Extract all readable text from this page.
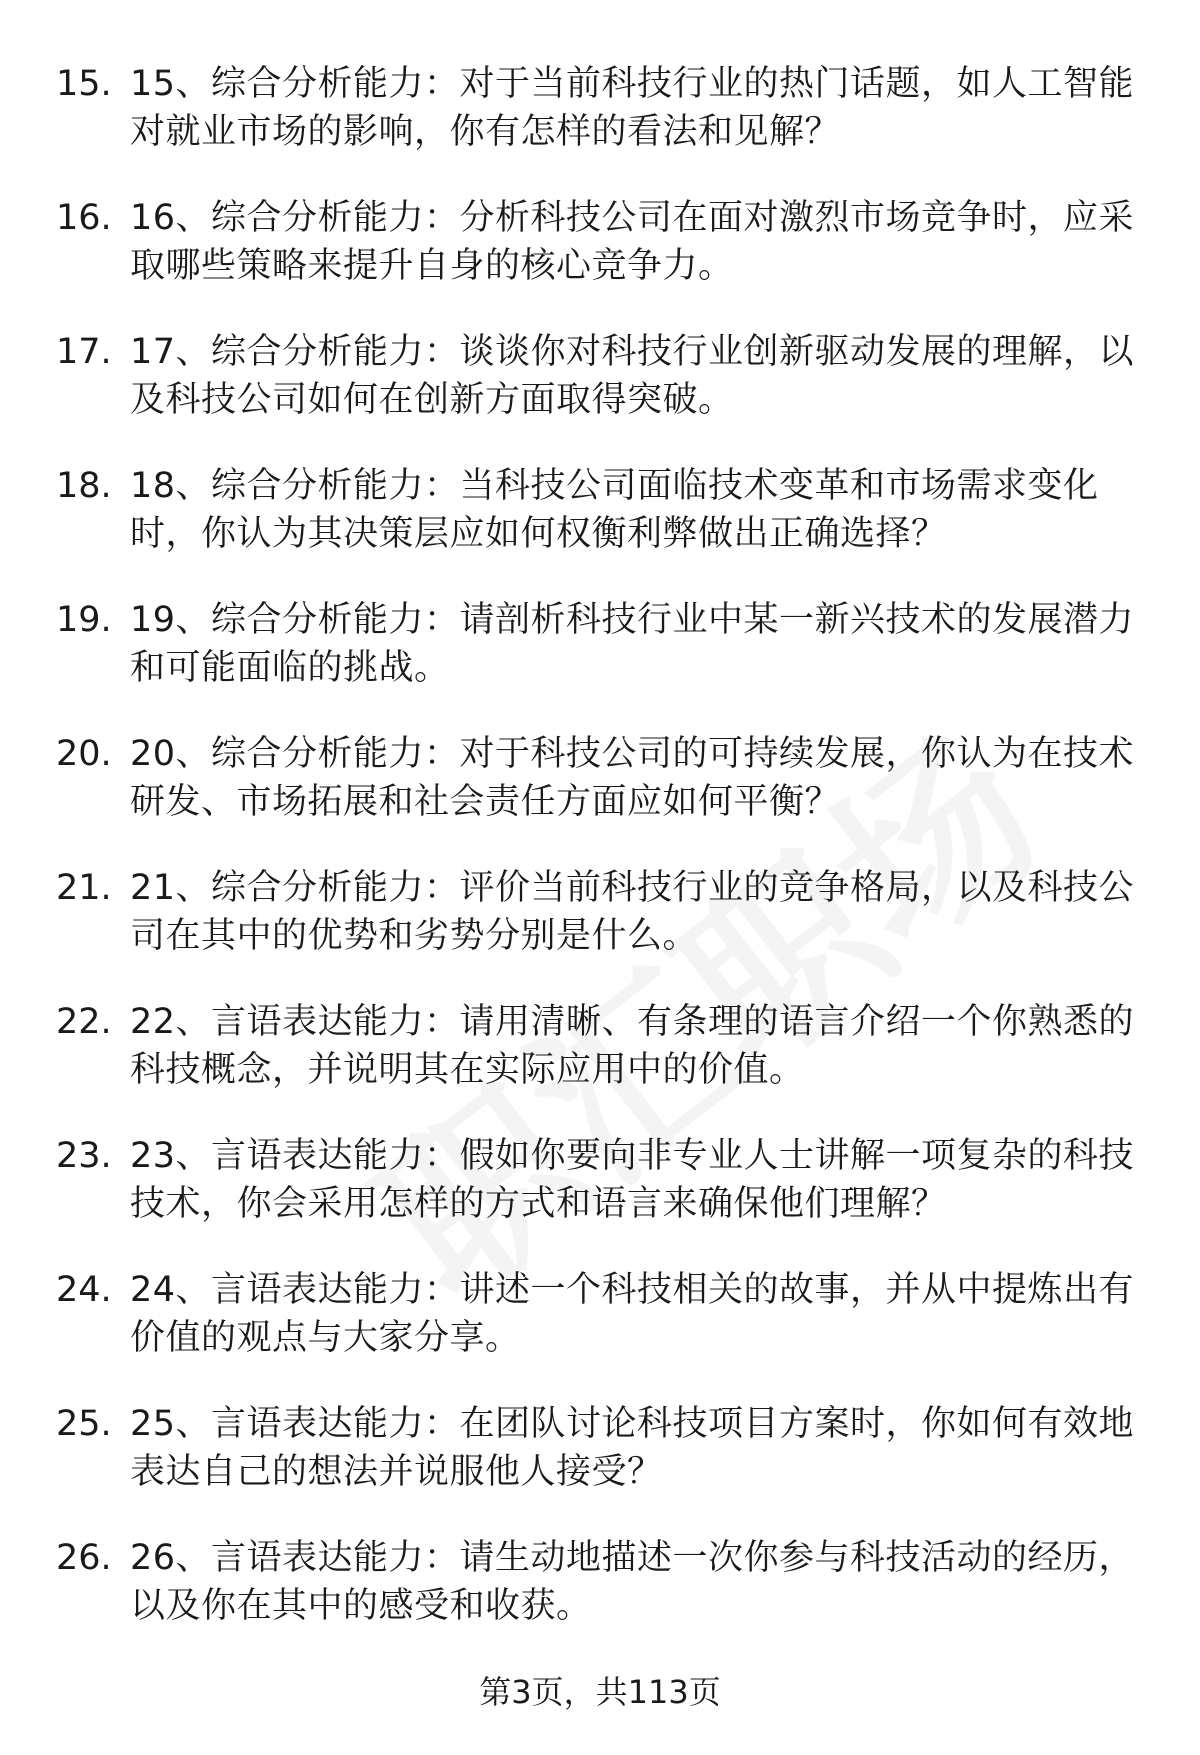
15. 15、综合分析能力：对于当前科技行业的热门话题，如人工智能对就业市场的影响，你有怎样的看法和见解？
16. 16、综合分析能力：分析科技公司在面对激烈市场竞争时，应采取哪些策略来提升自身的核心竞争力。
17. 17、综合分析能力：谈谈你对科技行业创新驱动发展的理解，以及科技公司如何在创新方面取得突破。
18. 18、综合分析能力：当科技公司面临技术变革和市场需求变化时，你认为其决策层应如何权衡利弊做出正确选择？
19. 19、综合分析能力：请剖析科技行业中某一新兴技术的发展潜力和可能面临的挑战。
20. 20、综合分析能力：对于科技公司的可持续发展，你认为在技术研发、市场拓展和社会责任方面应如何平衡？
21. 21、综合分析能力：评价当前科技行业的竞争格局，以及科技公司在其中的优势和劣势分别是什么。
22. 22、言语表达能力：请用清晰、有条理的语言介绍一个你熟悉的科技概念，并说明其在实际应用中的价值。
23. 23、言语表达能力：假如你要向非专业人士讲解一项复杂的科技技术，你会采用怎样的方式和语言来确保他们理解？
24. 24、言语表达能力：讲述一个科技相关的故事，并从中提炼出有价值的观点与大家分享。
25. 25、言语表达能力：在团队讨论科技项目方案时，你如何有效地表达自己的想法并说服他人接受？
26. 26、言语表达能力：请生动地描述一次你参与科技活动的经历，以及你在其中的感受和收获。
第3页，共113页
